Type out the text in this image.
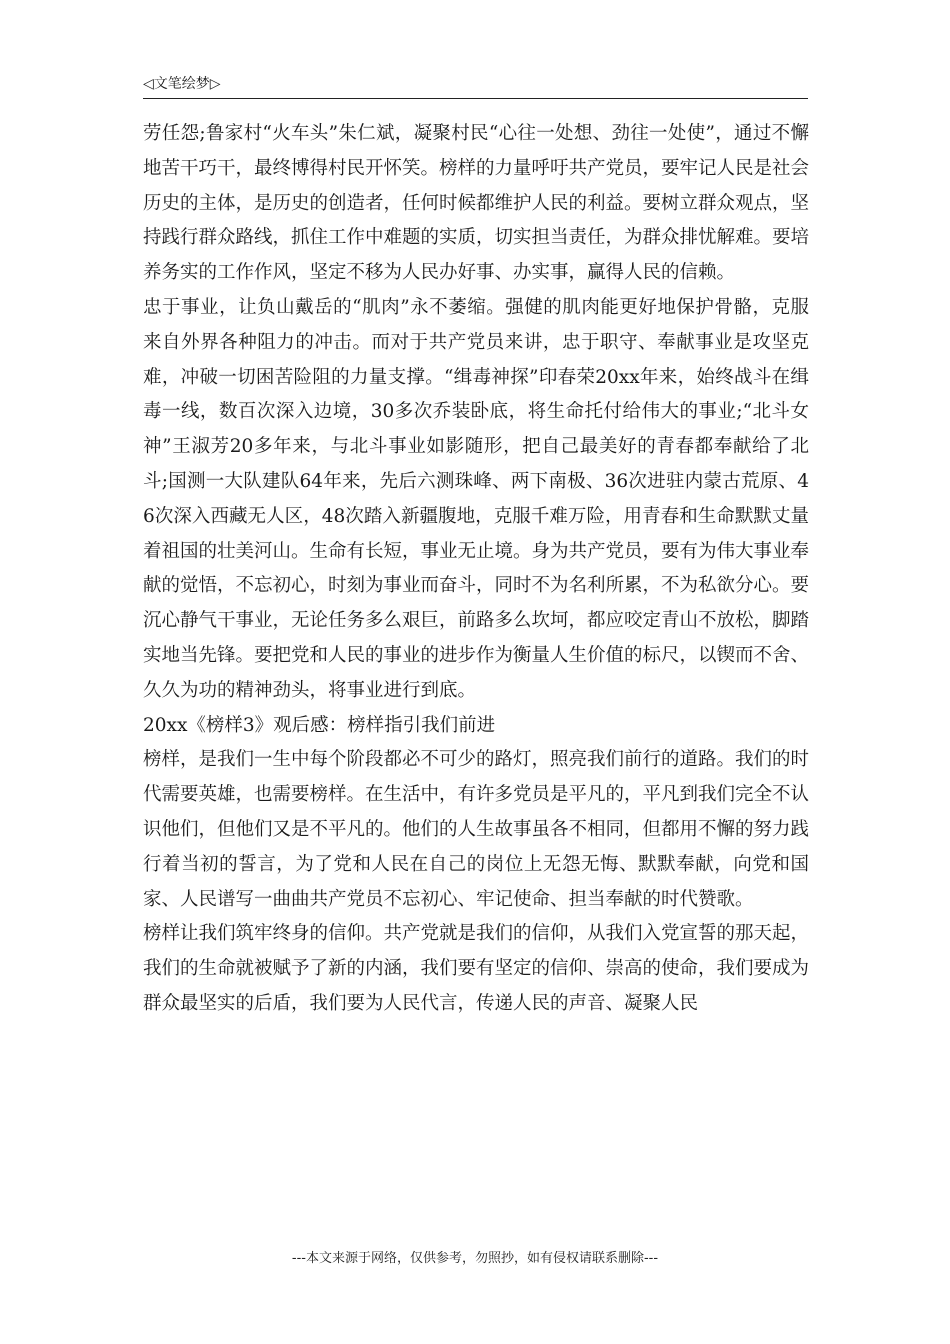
◁文笔绘梦▷

劳任怨;鲁家村“火车头”朱仁斌，凝聚村民“心往一处想、劲往一处使”，通过不懈地苦干巧干，最终博得村民开怀笑。榜样的力量呼吁共产党员，要牢记人民是社会历史的主体，是历史的创造者，任何时候都维护人民的利益。要树立群众观点，坚持践行群众路线，抓住工作中难题的实质，切实担当责任，为群众排忧解难。要培养务实的工作作风，坚定不移为人民办好事、办实事，赢得人民的信赖。

忠于事业，让负山戴岳的“肌肉”永不萎缩。强健的肌肉能更好地保护骨骼，克服来自外界各种阻力的冲击。而对于共产党员来讲，忠于职守、奉献事业是攻坚克难，冲破一切困苦险阻的力量支撑。“缉毒神探”印春荣20xx年来，始终战斗在缉毒一线，数百次深入边境，30多次乔装卧底，将生命托付给伟大的事业;“北斗女神”王淑芳20多年来，与北斗事业如影随形，把自己最美好的青春都奉献给了北斗;国测一大队建队64年来，先后六测珠峰、两下南极、36次进驻内蒙古荒原、46次深入西藏无人区，48次踏入新疆腹地，克服千难万险，用青春和生命默默丈量着祖国的壮美河山。生命有长短，事业无止境。身为共产党员，要有为伟大事业奉献的觉悟，不忘初心，时刻为事业而奋斗，同时不为名利所累，不为私欲分心。要沉心静气干事业，无论任务多么艰巨，前路多么坎坷，都应咬定青山不放松，脚踏实地当先锋。要把党和人民的事业的进步作为衡量人生价值的标尺，以锲而不舍、久久为功的精神劲头，将事业进行到底。

20xx《榜样3》观后感：榜样指引我们前进

榜样，是我们一生中每个阶段都必不可少的路灯，照亮我们前行的道路。我们的时代需要英雄，也需要榜样。在生活中，有许多党员是平凡的，平凡到我们完全不认识他们，但他们又是不平凡的。他们的人生故事虽各不相同，但都用不懈的努力践行着当初的誓言，为了党和人民在自己的岗位上无怨无悔、默默奉献，向党和国家、人民谱写一曲曲共产党员不忘初心、牢记使命、担当奉献的时代赞歌。

榜样让我们筑牢终身的信仰。共产党就是我们的信仰，从我们入党宣誓的那天起，我们的生命就被赋予了新的内涵，我们要有坚定的信仰、崇高的使命，我们要成为群众最坚实的后盾，我们要为人民代言，传递人民的声音、凝聚人民

---本文来源于网络，仅供参考，勿照抄，如有侵权请联系删除---
